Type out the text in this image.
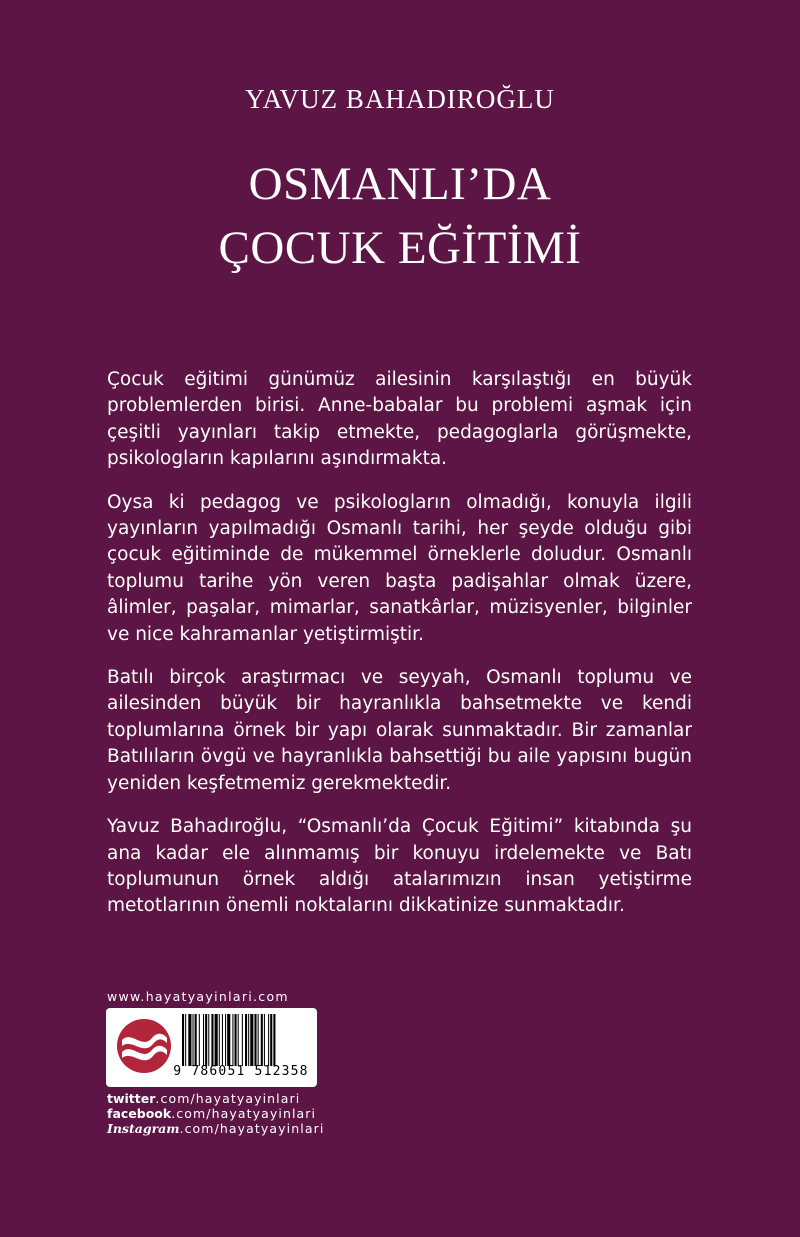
YAVUZ BAHADIROĞLU
OSMANLI’DA
ÇOCUK EĞİTİMİ

Çocuk eğitimi günümüz ailesinin karşılaştığı en büyük problemlerden birisi. Anne-babalar bu problemi aşmak için çeşitli yayınları takip etmekte, pedagoglarla görüşmekte, psikologların kapılarını aşındırmakta.

Oysa ki pedagog ve psikologların olmadığı, konuyla ilgili yayınların yapılmadığı Osmanlı tarihi, her şeyde olduğu gibi çocuk eğitiminde de mükemmel örneklerle doludur. Osmanlı toplumu tarihe yön veren başta padişahlar olmak üzere, âlimler, paşalar, mimarlar, sanatkârlar, müzisyenler, bilginler ve nice kahramanlar yetiştirmiştir.

Batılı birçok araştırmacı ve seyyah, Osmanlı toplumu ve ailesinden büyük bir hayranlıkla bahsetmekte ve kendi toplumlarına örnek bir yapı olarak sunmaktadır. Bir zamanlar Batılıların övgü ve hayranlıkla bahsettiği bu aile yapısını bugün yeniden keşfetmemiz gerekmektedir.

Yavuz Bahadıroğlu, “Osmanlı’da Çocuk Eğitimi” kitabında şu ana kadar ele alınmamış bir konuyu irdelemekte ve Batı toplumunun örnek aldığı atalarımızın insan yetiştirme metotlarının önemli noktalarını dikkatinize sunmaktadır.

www.hayatyayinlari.com
9 786051 512358
twitter.com/hayatyayinlari
facebook.com/hayatyayinlari
Instagram.com/hayatyayinlari
